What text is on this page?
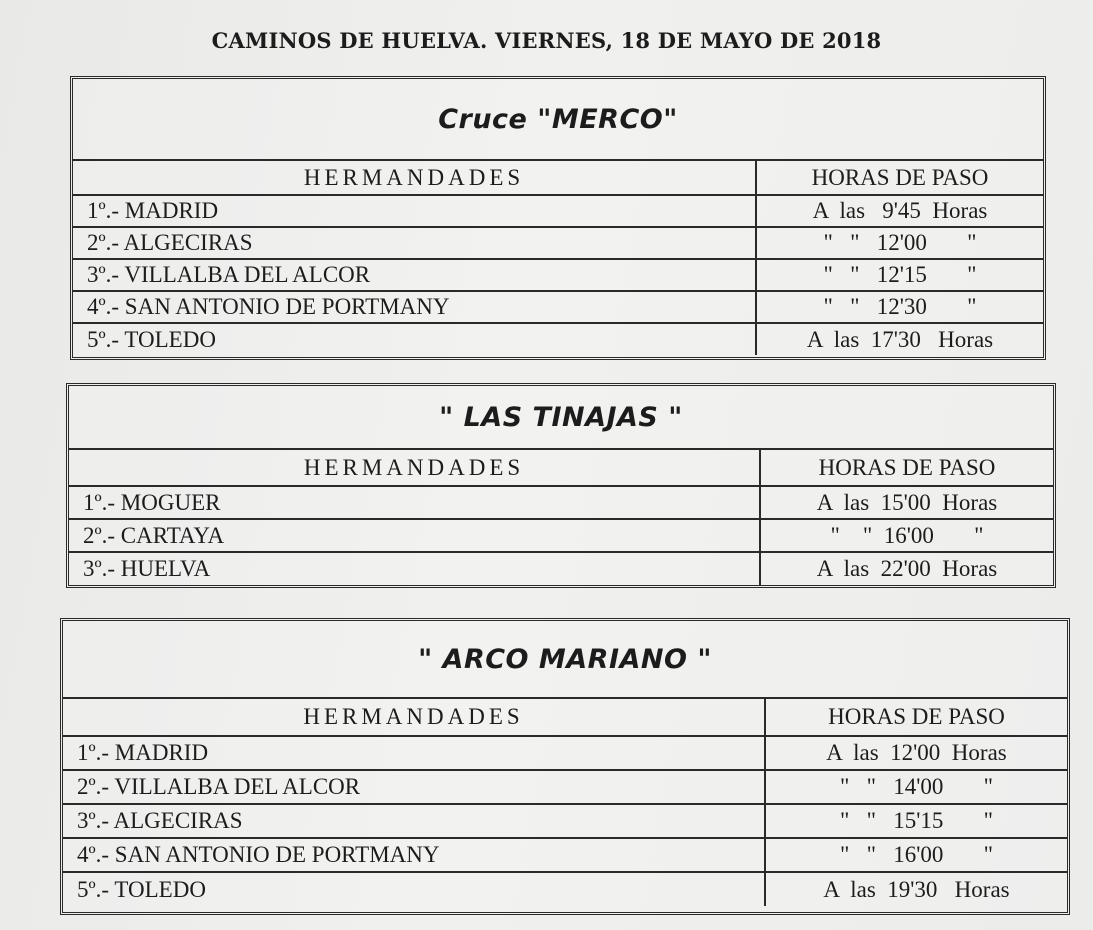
CAMINOS DE HUELVA. VIERNES, 18 DE MAYO DE 2018
Cruce "MERCO"
HERMANDADES	HORAS DE PASO
1º.- MADRID	A  las   9'45  Horas
2º.- ALGECIRAS	"   "   12'00       "
3º.- VILLALBA DEL ALCOR	"   "   12'15       "
4º.- SAN ANTONIO DE PORTMANY	"   "   12'30       "
5º.- TOLEDO	A  las  17'30   Horas
" LAS TINAJAS "
HERMANDADES	HORAS DE PASO
1º.- MOGUER	A  las  15'00  Horas
2º.- CARTAYA	"    "  16'00       "
3º.- HUELVA	A  las  22'00  Horas
" ARCO MARIANO "
HERMANDADES	HORAS DE PASO
1º.- MADRID	A  las  12'00  Horas
2º.- VILLALBA DEL ALCOR	"   "   14'00       "
3º.- ALGECIRAS	"   "   15'15       "
4º.- SAN ANTONIO DE PORTMANY	"   "   16'00       "
5º.- TOLEDO	A  las  19'30   Horas
